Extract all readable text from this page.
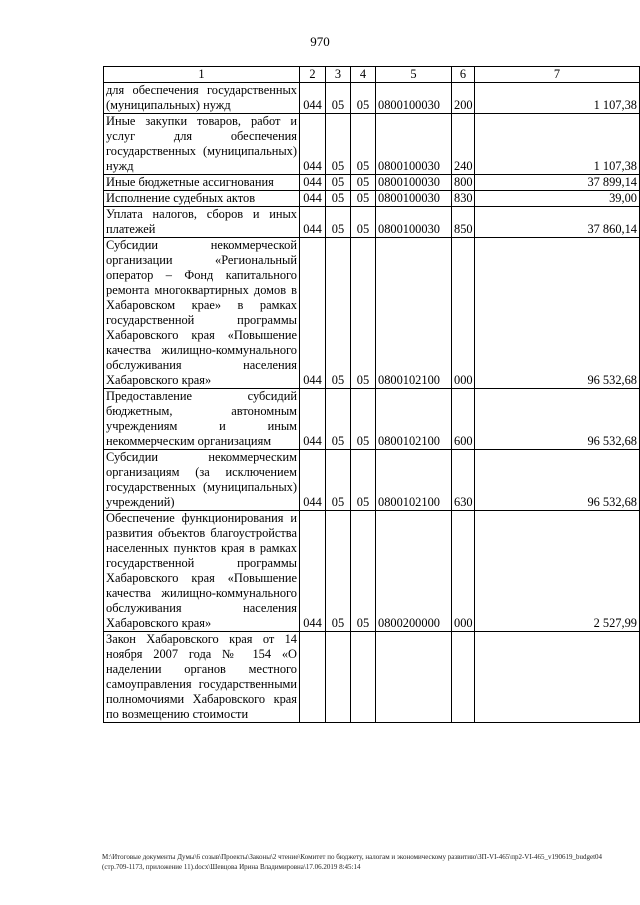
970
1	2	3	4	5	6	7
для обеспечения государственных (муниципальных) нужд	044	05	05	0800100030	200	1 107,38
Иные закупки товаров, работ и услуг для обеспечения государственных (муниципальных) нужд	044	05	05	0800100030	240	1 107,38
Иные бюджетные ассигнования	044	05	05	0800100030	800	37 899,14
Исполнение судебных актов	044	05	05	0800100030	830	39,00
Уплата налогов, сборов и иных платежей	044	05	05	0800100030	850	37 860,14
Субсидии некоммерческой организации «Региональный оператор – Фонд капитального ремонта многоквартирных домов в Хабаровском крае» в рамках государственной программы Хабаровского края «Повышение качества жилищно-коммунального обслуживания населения Хабаровского края»	044	05	05	0800102100	000	96 532,68
Предоставление субсидий бюджетным, автономным учреждениям и иным некоммерческим организациям	044	05	05	0800102100	600	96 532,68
Субсидии некоммерческим организациям (за исключением государственных (муниципальных) учреждений)	044	05	05	0800102100	630	96 532,68
Обеспечение функционирования и развития объектов благоустройства населенных пунктов края в рамках государственной программы Хабаровского края «Повышение качества жилищно-коммунального обслуживания населения Хабаровского края»	044	05	05	0800200000	000	2 527,99
Закон Хабаровского края от 14 ноября 2007 года № 154 «О наделении органов местного самоуправления государственными полномочиями Хабаровского края по возмещению стоимости						
М:\Итоговые документы Думы\6 созыв\Проекты\Законы\2 чтение\Комитет по бюджету, налогам и экономическому развитию\ЗП-VI-465\пр2-VI-465_v190619_budget04 (стр.709-1173, приложение 11).docx\Шевцова Ирина Владимировна\17.06.2019 8:45:14
